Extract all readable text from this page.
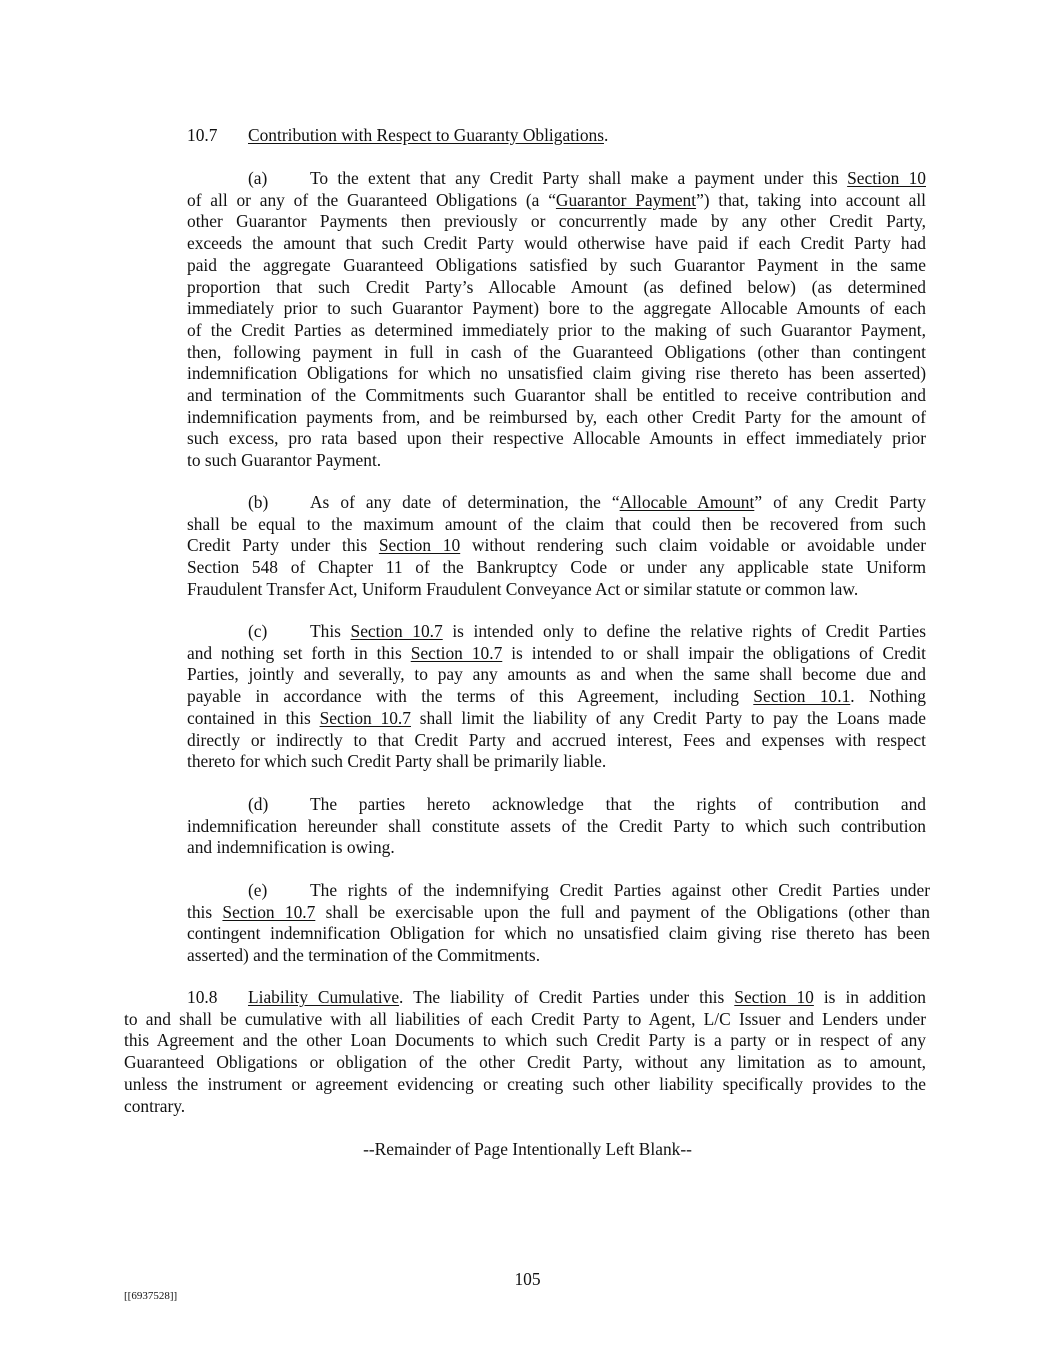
10.7 Contribution with Respect to Guaranty Obligations.
(a) To the extent that any Credit Party shall make a payment under this Section 10
of all or any of the Guaranteed Obligations (a “Guarantor Payment”) that, taking into account all
other Guarantor Payments then previously or concurrently made by any other Credit Party,
exceeds the amount that such Credit Party would otherwise have paid if each Credit Party had
paid the aggregate Guaranteed Obligations satisfied by such Guarantor Payment in the same
proportion that such Credit Party’s Allocable Amount (as defined below) (as determined
immediately prior to such Guarantor Payment) bore to the aggregate Allocable Amounts of each
of the Credit Parties as determined immediately prior to the making of such Guarantor Payment,
then, following payment in full in cash of the Guaranteed Obligations (other than contingent
indemnification Obligations for which no unsatisfied claim giving rise thereto has been asserted)
and termination of the Commitments such Guarantor shall be entitled to receive contribution and
indemnification payments from, and be reimbursed by, each other Credit Party for the amount of
such excess, pro rata based upon their respective Allocable Amounts in effect immediately prior
to such Guarantor Payment.
(b) As of any date of determination, the “Allocable Amount” of any Credit Party
shall be equal to the maximum amount of the claim that could then be recovered from such
Credit Party under this Section 10 without rendering such claim voidable or avoidable under
Section 548 of Chapter 11 of the Bankruptcy Code or under any applicable state Uniform
Fraudulent Transfer Act, Uniform Fraudulent Conveyance Act or similar statute or common law.
(c) This Section 10.7 is intended only to define the relative rights of Credit Parties
and nothing set forth in this Section 10.7 is intended to or shall impair the obligations of Credit
Parties, jointly and severally, to pay any amounts as and when the same shall become due and
payable in accordance with the terms of this Agreement, including Section 10.1. Nothing
contained in this Section 10.7 shall limit the liability of any Credit Party to pay the Loans made
directly or indirectly to that Credit Party and accrued interest, Fees and expenses with respect
thereto for which such Credit Party shall be primarily liable.
(d) The parties hereto acknowledge that the rights of contribution and
indemnification hereunder shall constitute assets of the Credit Party to which such contribution
and indemnification is owing.
(e) The rights of the indemnifying Credit Parties against other Credit Parties under
this Section 10.7 shall be exercisable upon the full and payment of the Obligations (other than
contingent indemnification Obligation for which no unsatisfied claim giving rise thereto has been
asserted) and the termination of the Commitments.
10.8 Liability Cumulative. The liability of Credit Parties under this Section 10 is in addition
to and shall be cumulative with all liabilities of each Credit Party to Agent, L/C Issuer and Lenders under
this Agreement and the other Loan Documents to which such Credit Party is a party or in respect of any
Guaranteed Obligations or obligation of the other Credit Party, without any limitation as to amount,
unless the instrument or agreement evidencing or creating such other liability specifically provides to the
contrary.
--Remainder of Page Intentionally Left Blank--
105
[[6937528]]
